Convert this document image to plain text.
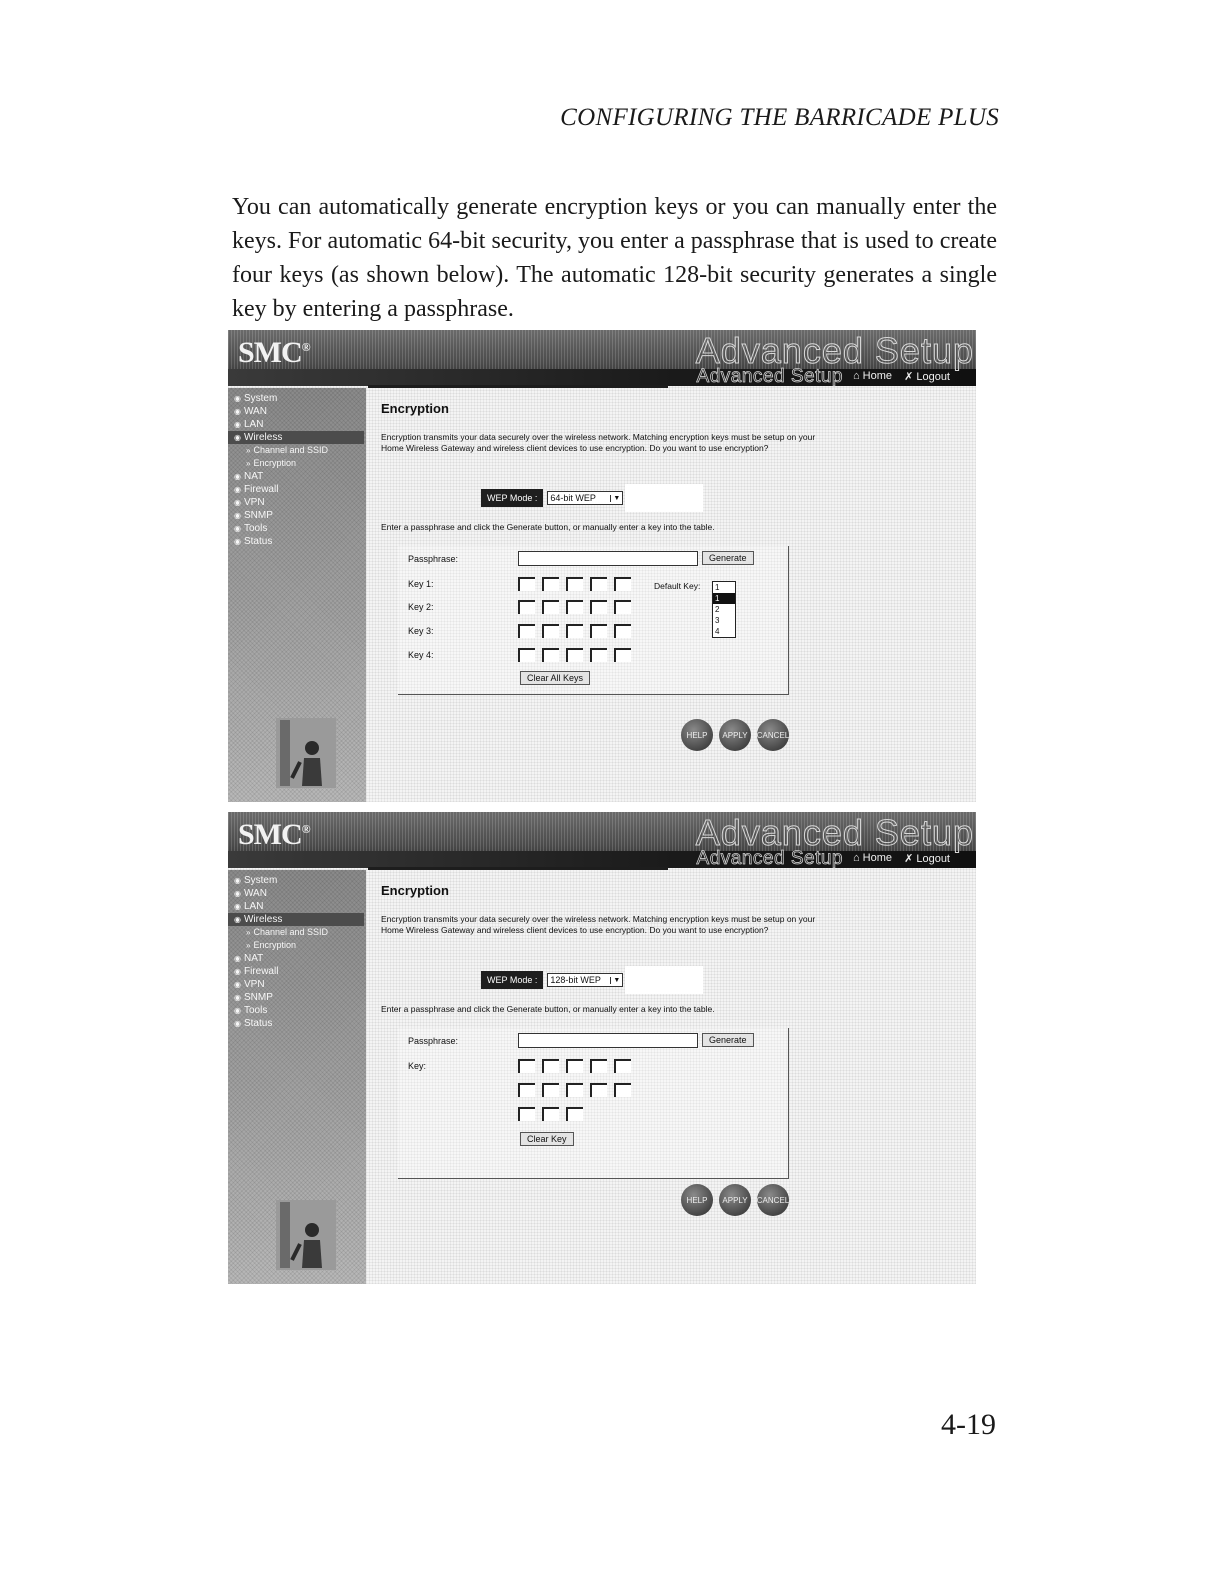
CONFIGURING THE BARRICADE PLUS
You can automatically generate encryption keys or you can manually enter the keys. For automatic 64-bit security, you enter a passphrase that is used to create four keys (as shown below). The automatic 128-bit security generates a single key by entering a passphrase.
SMC®	Advanced Setup
Advanced Setup ⌂ Home ✗ Logout
◉ System
◉ WAN
◉ LAN
◉ Wireless
» Channel and SSID
» Encryption
◉ NAT
◉ Firewall
◉ VPN
◉ SNMP
◉ Tools
◉ Status
Encryption
Encryption transmits your data securely over the wireless network. Matching encryption keys must be setup on your Home Wireless Gateway and wireless client devices to use encryption. Do you want to use encryption?
WEP Mode :	64-bit WEP	▼
Enter a passphrase and click the Generate button, or manually enter a key into the table.
Passphrase:	Generate
Key 1:	Default Key: 1
1
2
3
4
Key 2:
Key 3:
Key 4:
Clear All Keys
HELP	APPLY	CANCEL
SMC®	Advanced Setup
Advanced Setup ⌂ Home ✗ Logout
◉ System
◉ WAN
◉ LAN
◉ Wireless
» Channel and SSID
» Encryption
◉ NAT
◉ Firewall
◉ VPN
◉ SNMP
◉ Tools
◉ Status
Encryption
Encryption transmits your data securely over the wireless network. Matching encryption keys must be setup on your Home Wireless Gateway and wireless client devices to use encryption. Do you want to use encryption?
WEP Mode :	128-bit WEP	▼
Enter a passphrase and click the Generate button, or manually enter a key into the table.
Passphrase:	Generate
Key:
Clear Key
HELP	APPLY	CANCEL
4-19
